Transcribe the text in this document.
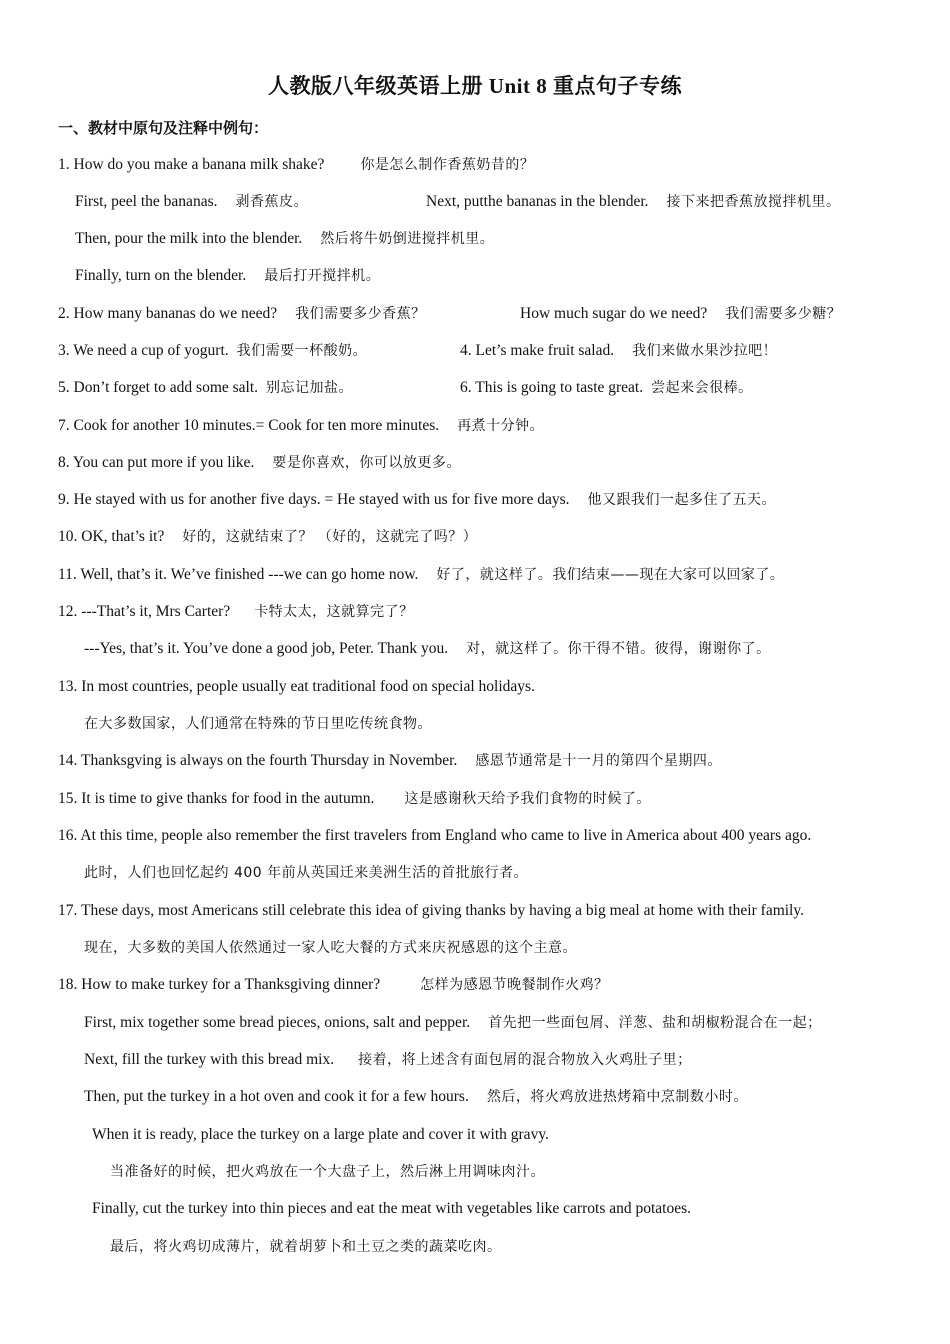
人教版八年级英语上册 Unit 8 重点句子专练
一、教材中原句及注释中例句：
1. How do you make a banana milk shake?	你是怎么制作香蕉奶昔的？
First, peel the bananas. 剥香蕉皮。	Next, putthe bananas in the blender. 接下来把香蕉放搅拌机里。
Then, pour the milk into the blender. 然后将牛奶倒进搅拌机里。
Finally, turn on the blender. 最后打开搅拌机。
2. How many bananas do we need? 我们需要多少香蕉？	How much sugar do we need? 我们需要多少糖？
3. We need a cup of yogurt. 我们需要一杯酸奶。	4. Let’s make fruit salad. 我们来做水果沙拉吧！
5. Don’t forget to add some salt. 别忘记加盐。	6. This is going to taste great. 尝起来会很棒。
7. Cook for another 10 minutes.= Cook for ten more minutes. 再煮十分钟。
8. You can put more if you like. 要是你喜欢，你可以放更多。
9. He stayed with us for another five days. = He stayed with us for five more days. 他又跟我们一起多住了五天。
10. OK, that’s it? 好的，这就结束了？ （好的，这就完了吗？）
11. Well, that’s it. We’ve finished ---we can go home now. 好了，就这样了。我们结束——现在大家可以回家了。
12. ---That’s it, Mrs Carter? 卡特太太，这就算完了？
---Yes, that’s it. You’ve done a good job, Peter. Thank you. 对，就这样了。你干得不错。彼得，谢谢你了。
13. In most countries, people usually eat traditional food on special holidays.
在大多数国家，人们通常在特殊的节日里吃传统食物。
14. Thanksgving is always on the fourth Thursday in November. 感恩节通常是十一月的第四个星期四。
15. It is time to give thanks for food in the autumn. 这是感谢秋天给予我们食物的时候了。
16. At this time, people also remember the first travelers from England who came to live in America about 400 years ago.
此时，人们也回忆起约 400 年前从英国迁来美洲生活的首批旅行者。
17. These days, most Americans still celebrate this idea of giving thanks by having a big meal at home with their family.
现在，大多数的美国人依然通过一家人吃大餐的方式来庆祝感恩的这个主意。
18. How to make turkey for a Thanksgiving dinner?	怎样为感恩节晚餐制作火鸡？
First, mix together some bread pieces, onions, salt and pepper. 首先把一些面包屑、洋葱、盐和胡椒粉混合在一起；
Next, fill the turkey with this bread mix. 接着，将上述含有面包屑的混合物放入火鸡肚子里；
Then, put the turkey in a hot oven and cook it for a few hours. 然后，将火鸡放进热烤箱中烹制数小时。
When it is ready, place the turkey on a large plate and cover it with gravy.
当准备好的时候，把火鸡放在一个大盘子上，然后淋上用调味肉汁。
Finally, cut the turkey into thin pieces and eat the meat with vegetables like carrots and potatoes.
最后，将火鸡切成薄片，就着胡萝卜和土豆之类的蔬菜吃肉。
